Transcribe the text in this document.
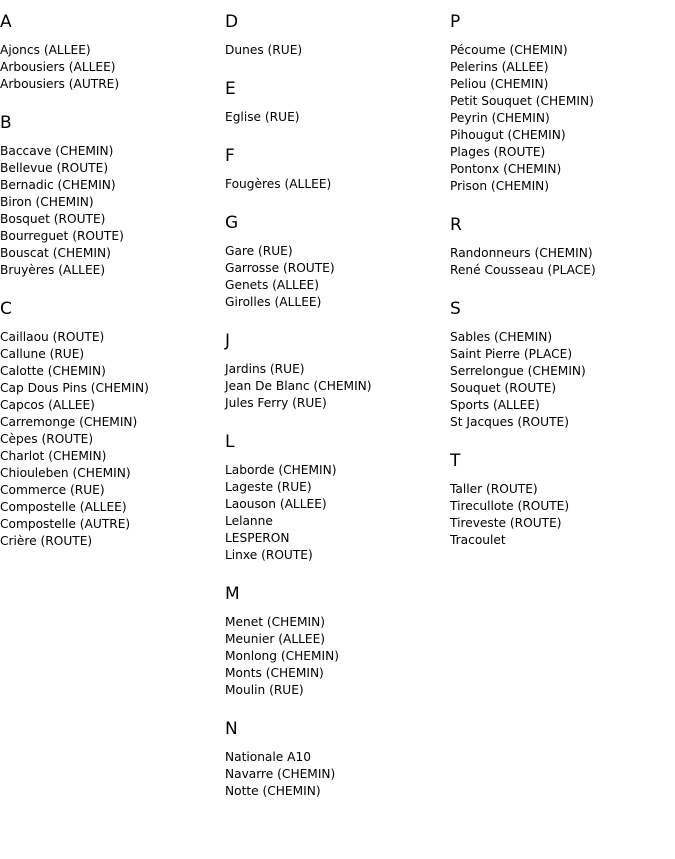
A
Ajoncs (ALLEE)
Arbousiers (ALLEE)
Arbousiers (AUTRE)
B
Baccave (CHEMIN)
Bellevue (ROUTE)
Bernadic (CHEMIN)
Biron (CHEMIN)
Bosquet (ROUTE)
Bourreguet (ROUTE)
Bouscat (CHEMIN)
Bruyères (ALLEE)
C
Caillaou (ROUTE)
Callune (RUE)
Calotte (CHEMIN)
Cap Dous Pins (CHEMIN)
Capcos (ALLEE)
Carremonge (CHEMIN)
Cèpes (ROUTE)
Charlot (CHEMIN)
Chiouleben (CHEMIN)
Commerce (RUE)
Compostelle (ALLEE)
Compostelle (AUTRE)
Crière (ROUTE)
D
Dunes (RUE)
E
Eglise (RUE)
F
Fougères (ALLEE)
G
Gare (RUE)
Garrosse (ROUTE)
Genets (ALLEE)
Girolles (ALLEE)
J
Jardins (RUE)
Jean De Blanc (CHEMIN)
Jules Ferry (RUE)
L
Laborde (CHEMIN)
Lageste (RUE)
Laouson (ALLEE)
Lelanne
LESPERON
Linxe (ROUTE)
M
Menet (CHEMIN)
Meunier (ALLEE)
Monlong (CHEMIN)
Monts (CHEMIN)
Moulin (RUE)
N
Nationale A10
Navarre (CHEMIN)
Notte (CHEMIN)
P
Pécoume (CHEMIN)
Pelerins (ALLEE)
Peliou (CHEMIN)
Petit Souquet (CHEMIN)
Peyrin (CHEMIN)
Pihougut (CHEMIN)
Plages (ROUTE)
Pontonx (CHEMIN)
Prison (CHEMIN)
R
Randonneurs (CHEMIN)
René Cousseau (PLACE)
S
Sables (CHEMIN)
Saint Pierre (PLACE)
Serrelongue (CHEMIN)
Souquet (ROUTE)
Sports (ALLEE)
St Jacques (ROUTE)
T
Taller (ROUTE)
Tirecullote (ROUTE)
Tireveste (ROUTE)
Tracoulet
